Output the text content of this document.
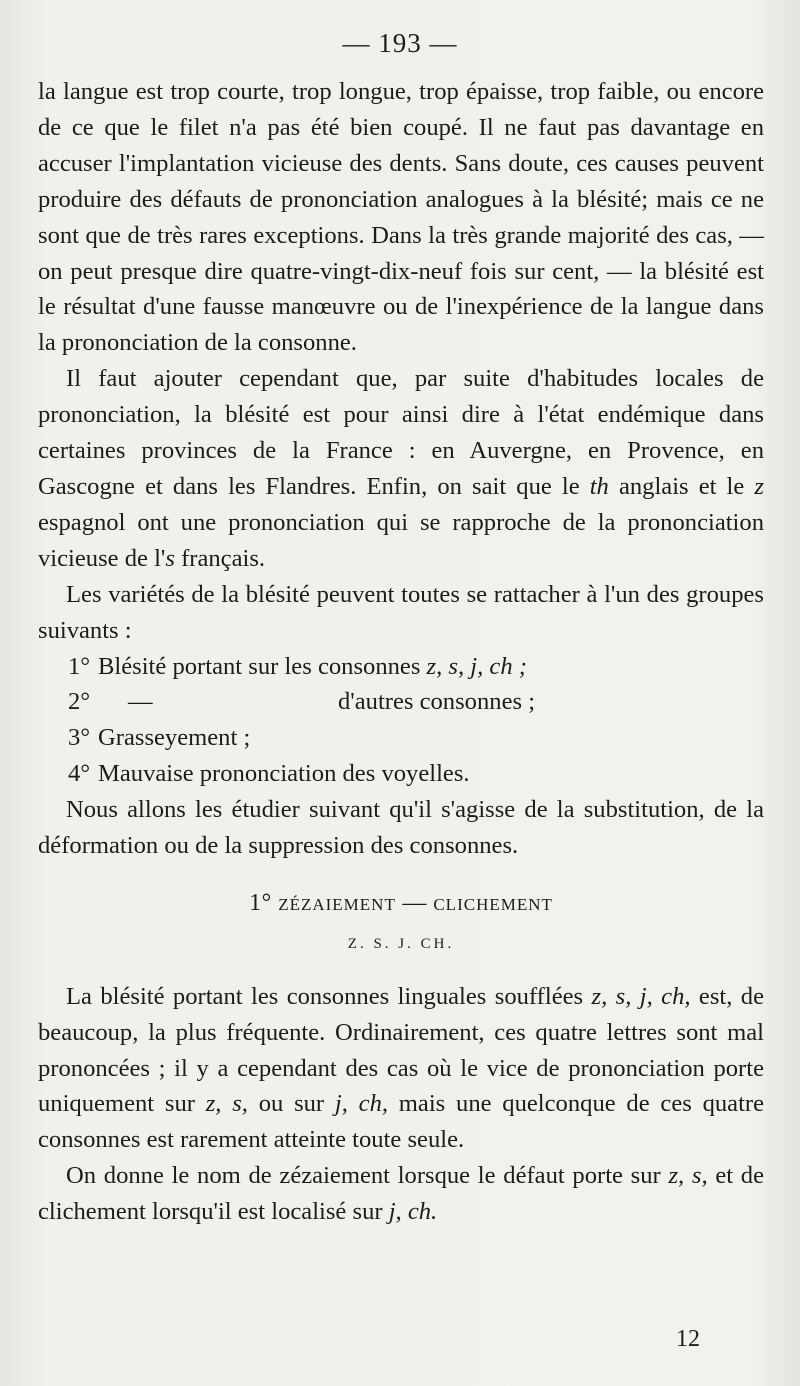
— 193 —

la langue est trop courte, trop longue, trop épaisse, trop faible, ou encore de ce que le filet n'a pas été bien coupé. Il ne faut pas davantage en accuser l'implantation vicieuse des dents. Sans doute, ces causes peuvent produire des défauts de prononciation analogues à la blésité; mais ce ne sont que de très rares exceptions. Dans la très grande majorité des cas, — on peut presque dire quatre-vingt-dix-neuf fois sur cent, — la blésité est le résultat d'une fausse manœuvre ou de l'inexpérience de la langue dans la prononciation de la consonne.

Il faut ajouter cependant que, par suite d'habitudes locales de prononciation, la blésité est pour ainsi dire à l'état endémique dans certaines provinces de la France : en Auvergne, en Provence, en Gascogne et dans les Flandres. Enfin, on sait que le th anglais et le z espagnol ont une prononciation qui se rapproche de la prononciation vicieuse de l's français.

Les variétés de la blésité peuvent toutes se rattacher à l'un des groupes suivants :

1° Blésité portant sur les consonnes z, s, j, ch ;

2° —	d'autres consonnes ;

3° Grasseyement ;

4° Mauvaise prononciation des voyelles.

Nous allons les étudier suivant qu'il s'agisse de la substitution, de la déformation ou de la suppression des consonnes.

1° ZÉZAIEMENT — CLICHEMENT
Z. S. J. CH.

La blésité portant les consonnes linguales soufflées z, s, j, ch, est, de beaucoup, la plus fréquente. Ordinairement, ces quatre lettres sont mal prononcées ; il y a cependant des cas où le vice de prononciation porte uniquement sur z, s, ou sur j, ch, mais une quelconque de ces quatre consonnes est rarement atteinte toute seule.

On donne le nom de zézaiement lorsque le défaut porte sur z, s, et de clichement lorsqu'il est localisé sur j, ch.

12
